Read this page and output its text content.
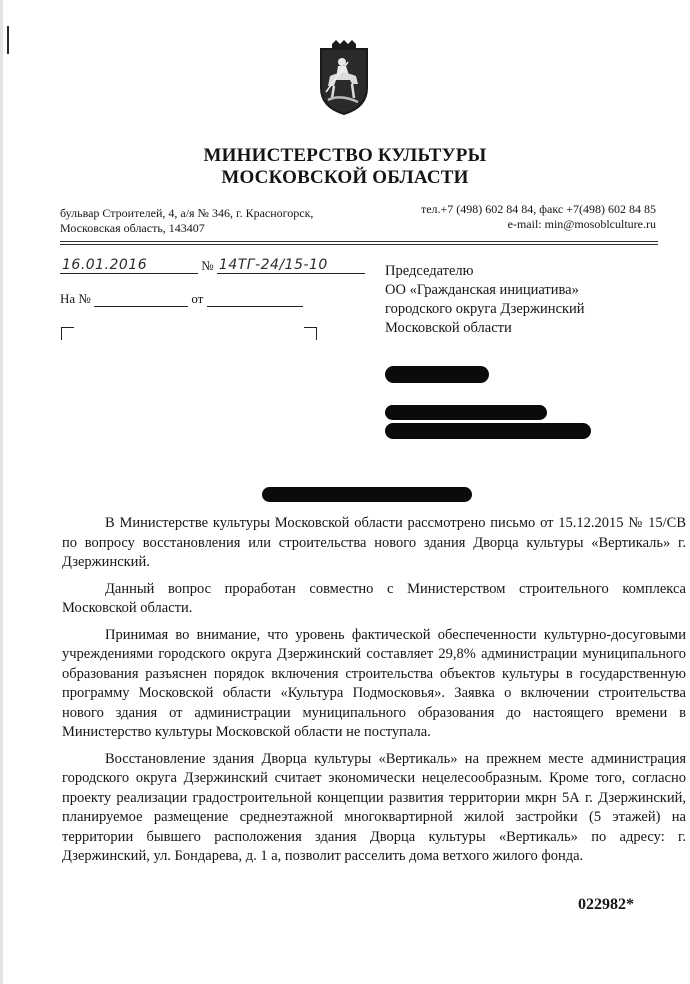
МИНИСТЕРСТВО КУЛЬТУРЫ
МОСКОВСКОЙ ОБЛАСТИ
бульвар Строителей, 4, а/я № 346, г. Красногорск,
Московская область, 143407
тел.+7 (498) 602 84 84, факс +7(498) 602 84 85
e-mail: min@mosoblculture.ru
16.01.2016	№ 14ТГ-24/15-10
На №	от
Председателю
ОО «Гражданская инициатива»
городского округа Дзержинский
Московской области

В Министерстве культуры Московской области рассмотрено письмо от 15.12.2015 № 15/СВ по вопросу восстановления или строительства нового здания Дворца культуры «Вертикаль» г. Дзержинский.

Данный вопрос проработан совместно с Министерством строительного комплекса Московской области.

Принимая во внимание, что уровень фактической обеспеченности культурно-досуговыми учреждениями городского округа Дзержинский составляет 29,8% администрации муниципального образования разъяснен порядок включения строительства объектов культуры в государственную программу Московской области «Культура Подмосковья». Заявка о включении строительства нового здания от администрации муниципального образования до настоящего времени в Министерство культуры Московской области не поступала.

Восстановление здания Дворца культуры «Вертикаль» на прежнем месте администрация городского округа Дзержинский считает экономически нецелесообразным. Кроме того, согласно проекту реализации градостроительной концепции развития территории мкрн 5А г. Дзержинский, планируемое размещение среднеэтажной многоквартирной жилой застройки (5 этажей) на территории бывшего расположения здания Дворца культуры «Вертикаль» по адресу: г. Дзержинский, ул. Бондарева, д. 1 а, позволит расселить дома ветхого жилого фонда.

022982*
